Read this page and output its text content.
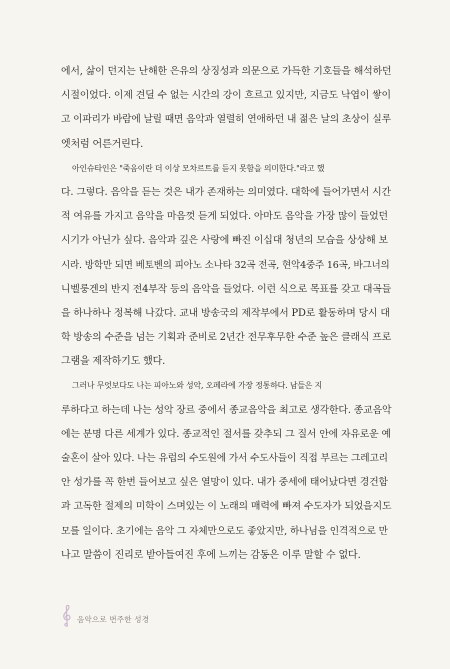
에서, 삶이 던지는 난해한 은유의 상징성과 의문으로 가득한 기호들을 해석하던
시절이었다. 이제 견딜 수 없는 시간의 강이 흐르고 있지만, 지금도 낙엽이 쌓이
고 이파리가 바람에 날릴 때면 음악과 열렬히 연애하던 내 젊은 날의 초상이 실루
엣처럼 어른거린다.
아인슈타인은 "죽음이란 더 이상 모차르트를 듣지 못함을 의미한다."라고 했
다. 그렇다. 음악을 듣는 것은 내가 존재하는 의미였다. 대학에 들어가면서 시간
적 여유를 가지고 음악을 마음껏 듣게 되었다. 아마도 음악을 가장 많이 들었던
시기가 아닌가 싶다. 음악과 깊은 사랑에 빠진 이십대 청년의 모습을 상상해 보
시라. 방학만 되면 베토벤의 피아노 소나타 32곡 전곡, 현악4중주 16곡, 바그너의
니벨룽겐의 반지 전4부작 등의 음악을 들었다. 이런 식으로 목표를 갖고 대곡들
을 하나하나 정복해 나갔다. 교내 방송국의 제작부에서 PD로 활동하며 당시 대
학 방송의 수준을 넘는 기획과 준비로 2년간 전무후무한 수준 높은 클래식 프로
그램을 제작하기도 했다.
그러나 무엇보다도 나는 피아노와 성악, 오페라에 가장 정통하다. 남들은 지
루하다고 하는데 나는 성악 장르 중에서 종교음악을 최고로 생각한다. 종교음악
에는 분명 다른 세계가 있다. 종교적인 절서를 갖추되 그 질서 안에 자유로운 예
술혼이 살아 있다. 나는 유럽의 수도원에 가서 수도사들이 직접 부르는 그레고리
안 성가를 꼭 한번 들어보고 싶은 열망이 있다. 내가 중세에 태어났다면 경건함
과 고독한 절제의 미학이 스며있는 이 노래의 매력에 빠져 수도자가 되었을지도
모를 일이다. 초기에는 음악 그 자체만으로도 좋았지만, 하나님을 인격적으로 만
나고 말씀이 진리로 받아들여진 후에 느끼는 감동은 이루 말할 수 없다.
음악으로 번주한 성경
